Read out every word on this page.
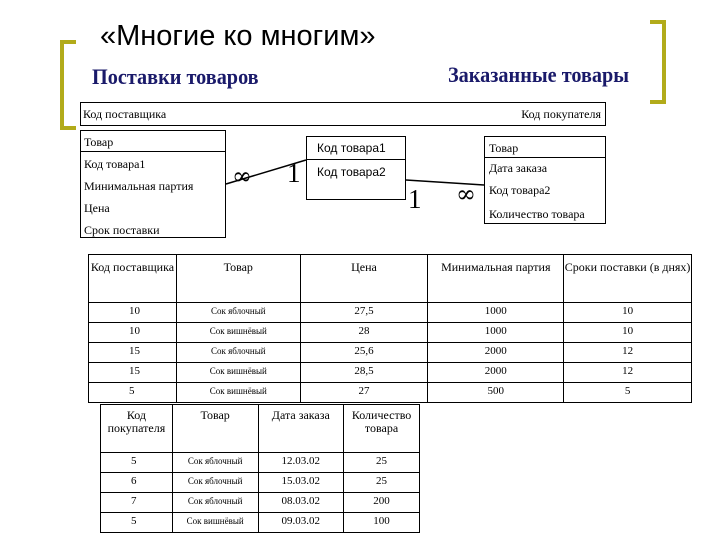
«Многие ко многим»
Поставки товаров	Заказанные товары
Код поставщика	Код покупателя
Товар
Код товара1
Минимальная партия
Цена
Срок поставки
Код товара1
Код товара2
Товар
Дата заказа
Код товара2
Количество товара
∞ 1
1 ∞
Код поставщика	Товар	Цена	Минимальная партия	Сроки поставки (в днях)
10	Сок яблочный	27,5	1000	10
10	Сок вишнёвый	28	1000	10
15	Сок яблочный	25,6	2000	12
15	Сок вишнёвый	28,5	2000	12
5	Сок вишнёвый	27	500	5
Код покупателя	Товар	Дата заказа	Количество товара
5	Сок яблочный	12.03.02	25
6	Сок яблочный	15.03.02	25
7	Сок яблочный	08.03.02	200
5	Сок вишнёвый	09.03.02	100
